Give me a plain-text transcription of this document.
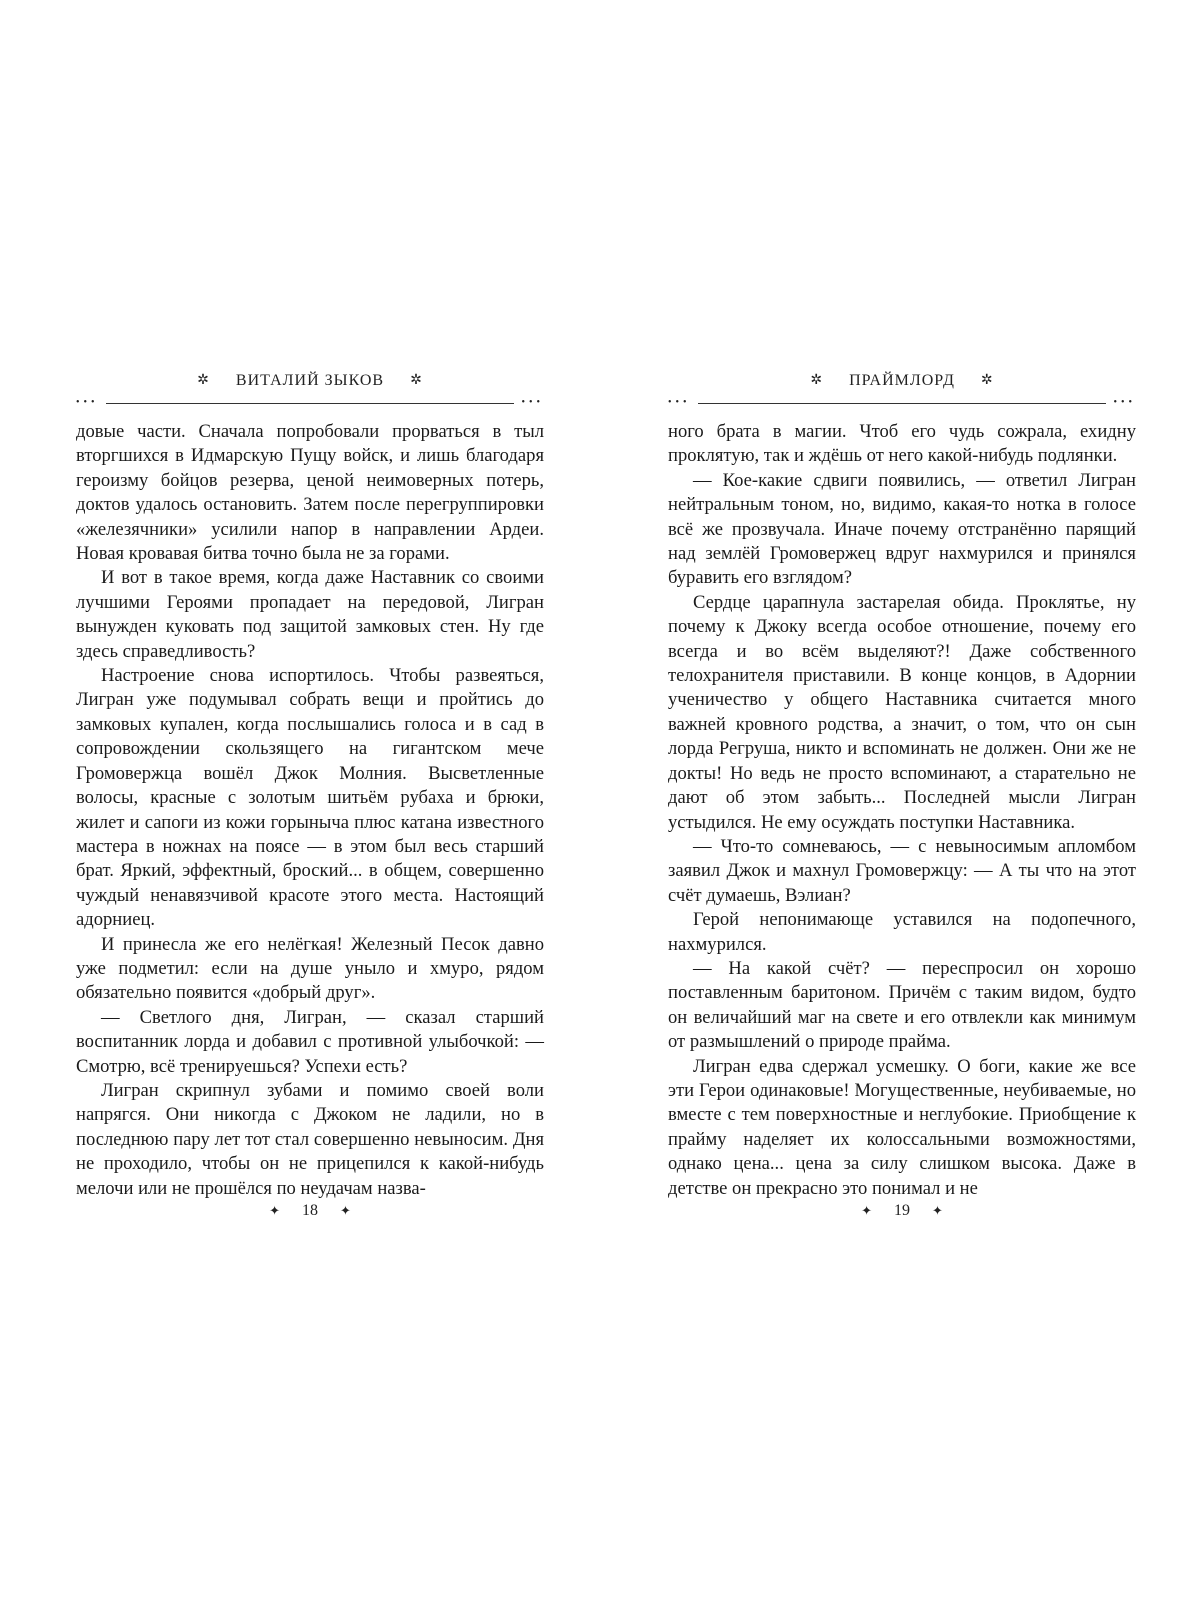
✲ ВИТАЛИЙ ЗЫКОВ ✲
•••	•••

довые части. Сначала попробовали прорваться в тыл вторгшихся в Идмарскую Пущу войск, и лишь благодаря героизму бойцов резерва, ценой неимоверных потерь, доктов удалось остановить. Затем после перегруппировки «железячники» усилили напор в направлении Ардеи. Новая кровавая битва точно была не за горами.

И вот в такое время, когда даже Наставник со своими лучшими Героями пропадает на передовой, Лигран вынужден куковать под защитой замковых стен. Ну где здесь справедливость?

Настроение снова испортилось. Чтобы развеяться, Лигран уже подумывал собрать вещи и пройтись до замковых купален, когда послышались голоса и в сад в сопровождении скользящего на гигантском мече Громовержца вошёл Джок Молния. Высветленные волосы, красные с золотым шитьём рубаха и брюки, жилет и сапоги из кожи горыныча плюс катана известного мастера в ножнах на поясе — в этом был весь старший брат. Яркий, эффектный, броский... в общем, совершенно чуждый ненавязчивой красоте этого места. Настоящий адорниец.

И принесла же его нелёгкая! Железный Песок давно уже подметил: если на душе уныло и хмуро, рядом обязательно появится «добрый друг».

— Светлого дня, Лигран, — сказал старший воспитанник лорда и добавил с противной улыбочкой: — Смотрю, всё тренируешься? Успехи есть?

Лигран скрипнул зубами и помимо своей воли напрягся. Они никогда с Джоком не ладили, но в последнюю пару лет тот стал совершенно невыносим. Дня не проходило, чтобы он не прицепился к какой-нибудь мелочи или не прошёлся по неудачам назва-

✦ 18 ✦
✲ ПРАЙМЛОРД ✲
•••	•••

ного брата в магии. Чтоб его чудь сожрала, ехидну проклятую, так и ждёшь от него какой-нибудь подлянки.

— Кое-какие сдвиги появились, — ответил Лигран нейтральным тоном, но, видимо, какая-то нотка в голосе всё же прозвучала. Иначе почему отстранённо парящий над землёй Громовержец вдруг нахмурился и принялся буравить его взглядом?

Сердце царапнула застарелая обида. Проклятье, ну почему к Джоку всегда особое отношение, почему его всегда и во всём выделяют?! Даже собственного телохранителя приставили. В конце концов, в Адорнии ученичество у общего Наставника считается много важней кровного родства, а значит, о том, что он сын лорда Регруша, никто и вспоминать не должен. Они же не докты! Но ведь не просто вспоминают, а старательно не дают об этом забыть... Последней мысли Лигран устыдился. Не ему осуждать поступки Наставника.

— Что-то сомневаюсь, — с невыносимым апломбом заявил Джок и махнул Громовержцу: — А ты что на этот счёт думаешь, Вэлиан?

Герой непонимающе уставился на подопечного, нахмурился.

— На какой счёт? — переспросил он хорошо поставленным баритоном. Причём с таким видом, будто он величайший маг на свете и его отвлекли как минимум от размышлений о природе прайма.

Лигран едва сдержал усмешку. О боги, какие же все эти Герои одинаковые! Могущественные, неубиваемые, но вместе с тем поверхностные и неглубокие. Приобщение к прайму наделяет их колоссальными возможностями, однако цена... цена за силу слишком высока. Даже в детстве он прекрасно это понимал и не

✦ 19 ✦
